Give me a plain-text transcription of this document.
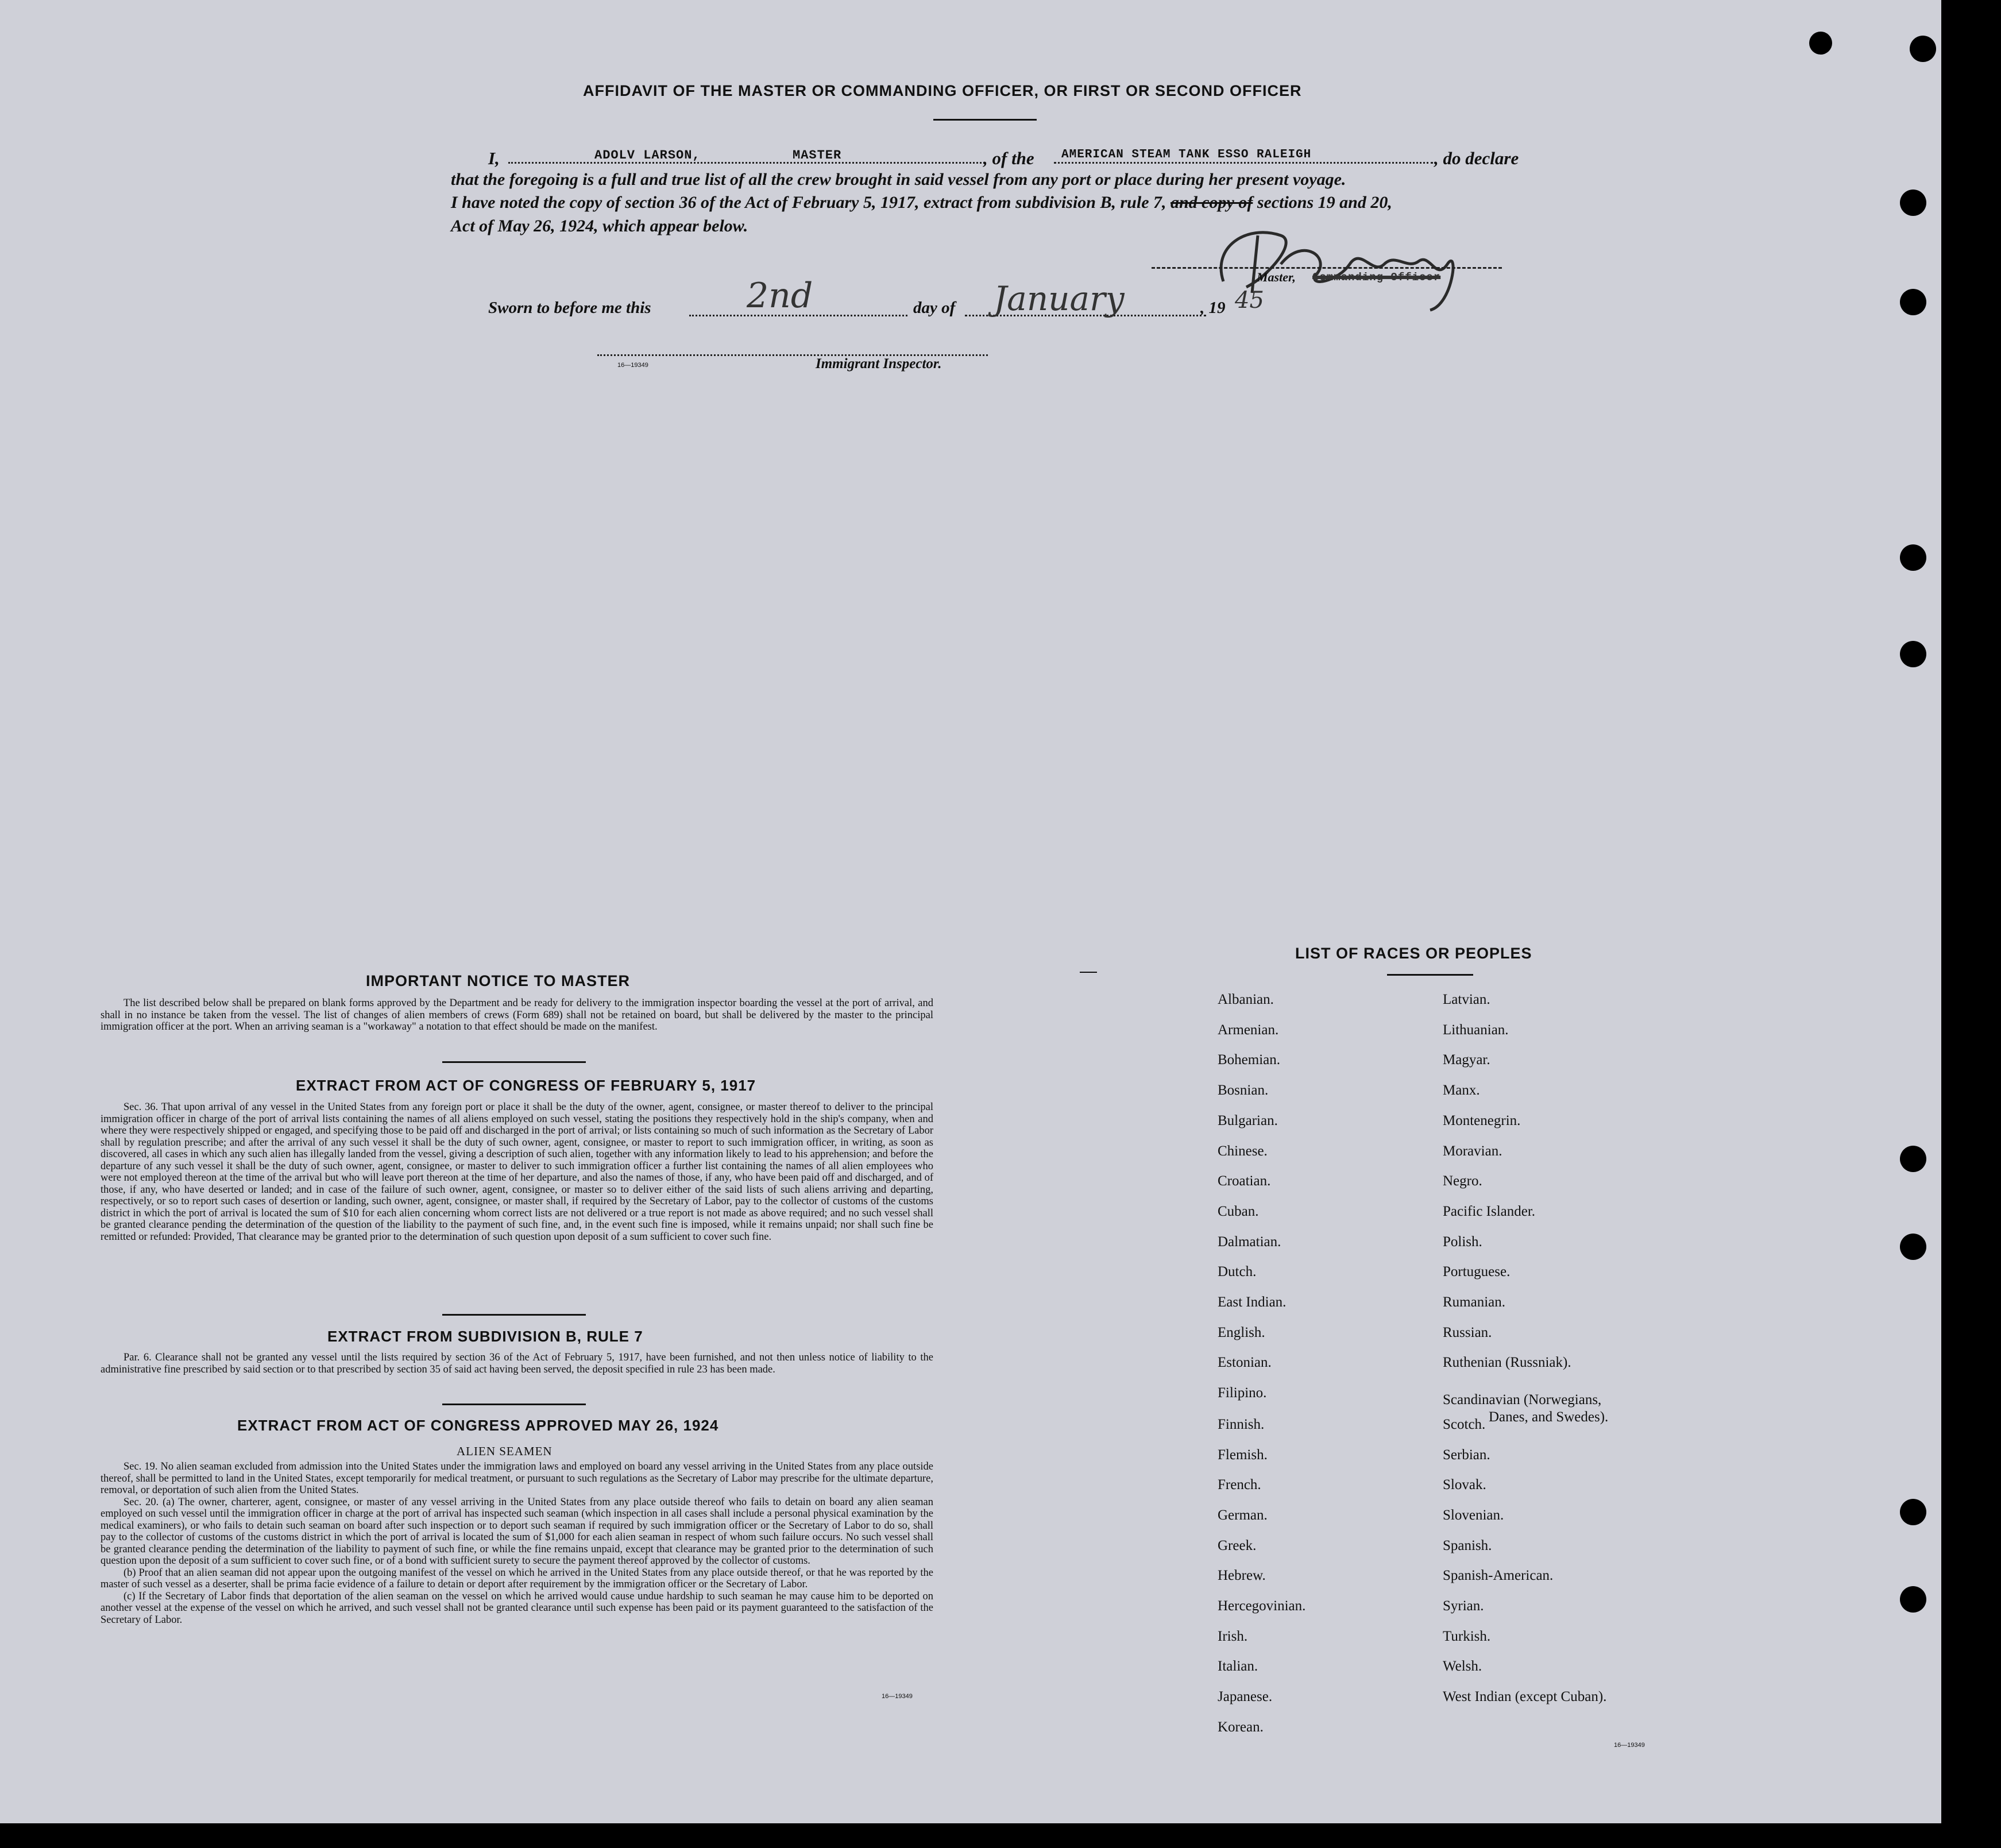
AFFIDAVIT OF THE MASTER OR COMMANDING OFFICER, OR FIRST OR SECOND OFFICER
I,	ADOLV LARSON,	MASTER	, of the AMERICAN STEAM TANK ESSO RALEIGH	, do declare
that the foregoing is a full and true list of all the crew brought in said vessel from any port or place during her present voyage.
I have noted the copy of section 36 of the Act of February 5, 1917, extract from subdivision B, rule 7, and copy of sections 19 and 20,
Act of May 26, 1924, which appear below.
Master, Commanding Officer
Sworn to before me this	2nd	day of January	, 19 45
16—19349	Immigrant Inspector.
IMPORTANT NOTICE TO MASTER

The list described below shall be prepared on blank forms approved by the Department and be ready for delivery to the immigration inspector boarding the vessel at the port of arrival, and shall in no instance be taken from the vessel. The list of changes of alien members of crews (Form 689) shall not be retained on board, but shall be delivered by the master to the principal immigration officer at the port. When an arriving seaman is a "workaway" a notation to that effect should be made on the manifest.

EXTRACT FROM ACT OF CONGRESS OF FEBRUARY 5, 1917

Sec. 36. That upon arrival of any vessel in the United States from any foreign port or place it shall be the duty of the owner, agent, consignee, or master thereof to deliver to the principal immigration officer in charge of the port of arrival lists containing the names of all aliens employed on such vessel, stating the positions they respectively hold in the ship's company, when and where they were respectively shipped or engaged, and specifying those to be paid off and discharged in the port of arrival; or lists containing so much of such information as the Secretary of Labor shall by regulation prescribe; and after the arrival of any such vessel it shall be the duty of such owner, agent, consignee, or master to report to such immigration officer, in writing, as soon as discovered, all cases in which any such alien has illegally landed from the vessel, giving a description of such alien, together with any information likely to lead to his apprehension; and before the departure of any such vessel it shall be the duty of such owner, agent, consignee, or master to deliver to such immigration officer a further list containing the names of all alien employees who were not employed thereon at the time of the arrival but who will leave port thereon at the time of her departure, and also the names of those, if any, who have been paid off and discharged, and of those, if any, who have deserted or landed; and in case of the failure of such owner, agent, consignee, or master so to deliver either of the said lists of such aliens arriving and departing, respectively, or so to report such cases of desertion or landing, such owner, agent, consignee, or master shall, if required by the Secretary of Labor, pay to the collector of customs of the customs district in which the port of arrival is located the sum of $10 for each alien concerning whom correct lists are not delivered or a true report is not made as above required; and no such vessel shall be granted clearance pending the determination of the question of the liability to the payment of such fine, and, in the event such fine is imposed, while it remains unpaid; nor shall such fine be remitted or refunded: Provided, That clearance may be granted prior to the determination of such question upon deposit of a sum sufficient to cover such fine.

EXTRACT FROM SUBDIVISION B, RULE 7

Par. 6. Clearance shall not be granted any vessel until the lists required by section 36 of the Act of February 5, 1917, have been furnished, and not then unless notice of liability to the administrative fine prescribed by said section or to that prescribed by section 35 of said act having been served, the deposit specified in rule 23 has been made.

EXTRACT FROM ACT OF CONGRESS APPROVED MAY 26, 1924
ALIEN SEAMEN

Sec. 19. No alien seaman excluded from admission into the United States under the immigration laws and employed on board any vessel arriving in the United States from any place outside thereof, shall be permitted to land in the United States, except temporarily for medical treatment, or pursuant to such regulations as the Secretary of Labor may prescribe for the ultimate departure, removal, or deportation of such alien from the United States.

Sec. 20. (a) The owner, charterer, agent, consignee, or master of any vessel arriving in the United States from any place outside thereof who fails to detain on board any alien seaman employed on such vessel until the immigration officer in charge at the port of arrival has inspected such seaman (which inspection in all cases shall include a personal physical examination by the medical examiners), or who fails to detain such seaman on board after such inspection or to deport such seaman if required by such immigration officer or the Secretary of Labor to do so, shall pay to the collector of customs of the customs district in which the port of arrival is located the sum of $1,000 for each alien seaman in respect of whom such failure occurs. No such vessel shall be granted clearance pending the determination of the liability to payment of such fine, or while the fine remains unpaid, except that clearance may be granted prior to the determination of such question upon the deposit of a sum sufficient to cover such fine, or of a bond with sufficient surety to secure the payment thereof approved by the collector of customs.

(b) Proof that an alien seaman did not appear upon the outgoing manifest of the vessel on which he arrived in the United States from any place outside thereof, or that he was reported by the master of such vessel as a deserter, shall be prima facie evidence of a failure to detain or deport after requirement by the immigration officer or the Secretary of Labor.

(c) If the Secretary of Labor finds that deportation of the alien seaman on the vessel on which he arrived would cause undue hardship to such seaman he may cause him to be deported on another vessel at the expense of the vessel on which he arrived, and such vessel shall not be granted clearance until such expense has been paid or its payment guaranteed to the satisfaction of the Secretary of Labor.

16—19349
LIST OF RACES OR PEOPLES
Albanian.
Armenian.
Bohemian.
Bosnian.
Bulgarian.
Chinese.
Croatian.
Cuban.
Dalmatian.
Dutch.
East Indian.
English.
Estonian.
Filipino.
Finnish.
Flemish.
French.
German.
Greek.
Hebrew.
Hercegovinian.
Irish.
Italian.
Japanese.
Korean.
Latvian.
Lithuanian.
Magyar.
Manx.
Montenegrin.
Moravian.
Negro.
Pacific Islander.
Polish.
Portuguese.
Rumanian.
Russian.
Ruthenian (Russniak).
Scandinavian (Norwegians,
Danes, and Swedes).
Scotch.
Serbian.
Slovak.
Slovenian.
Spanish.
Spanish-American.
Syrian.
Turkish.
Welsh.
West Indian (except Cuban).
16—19349
